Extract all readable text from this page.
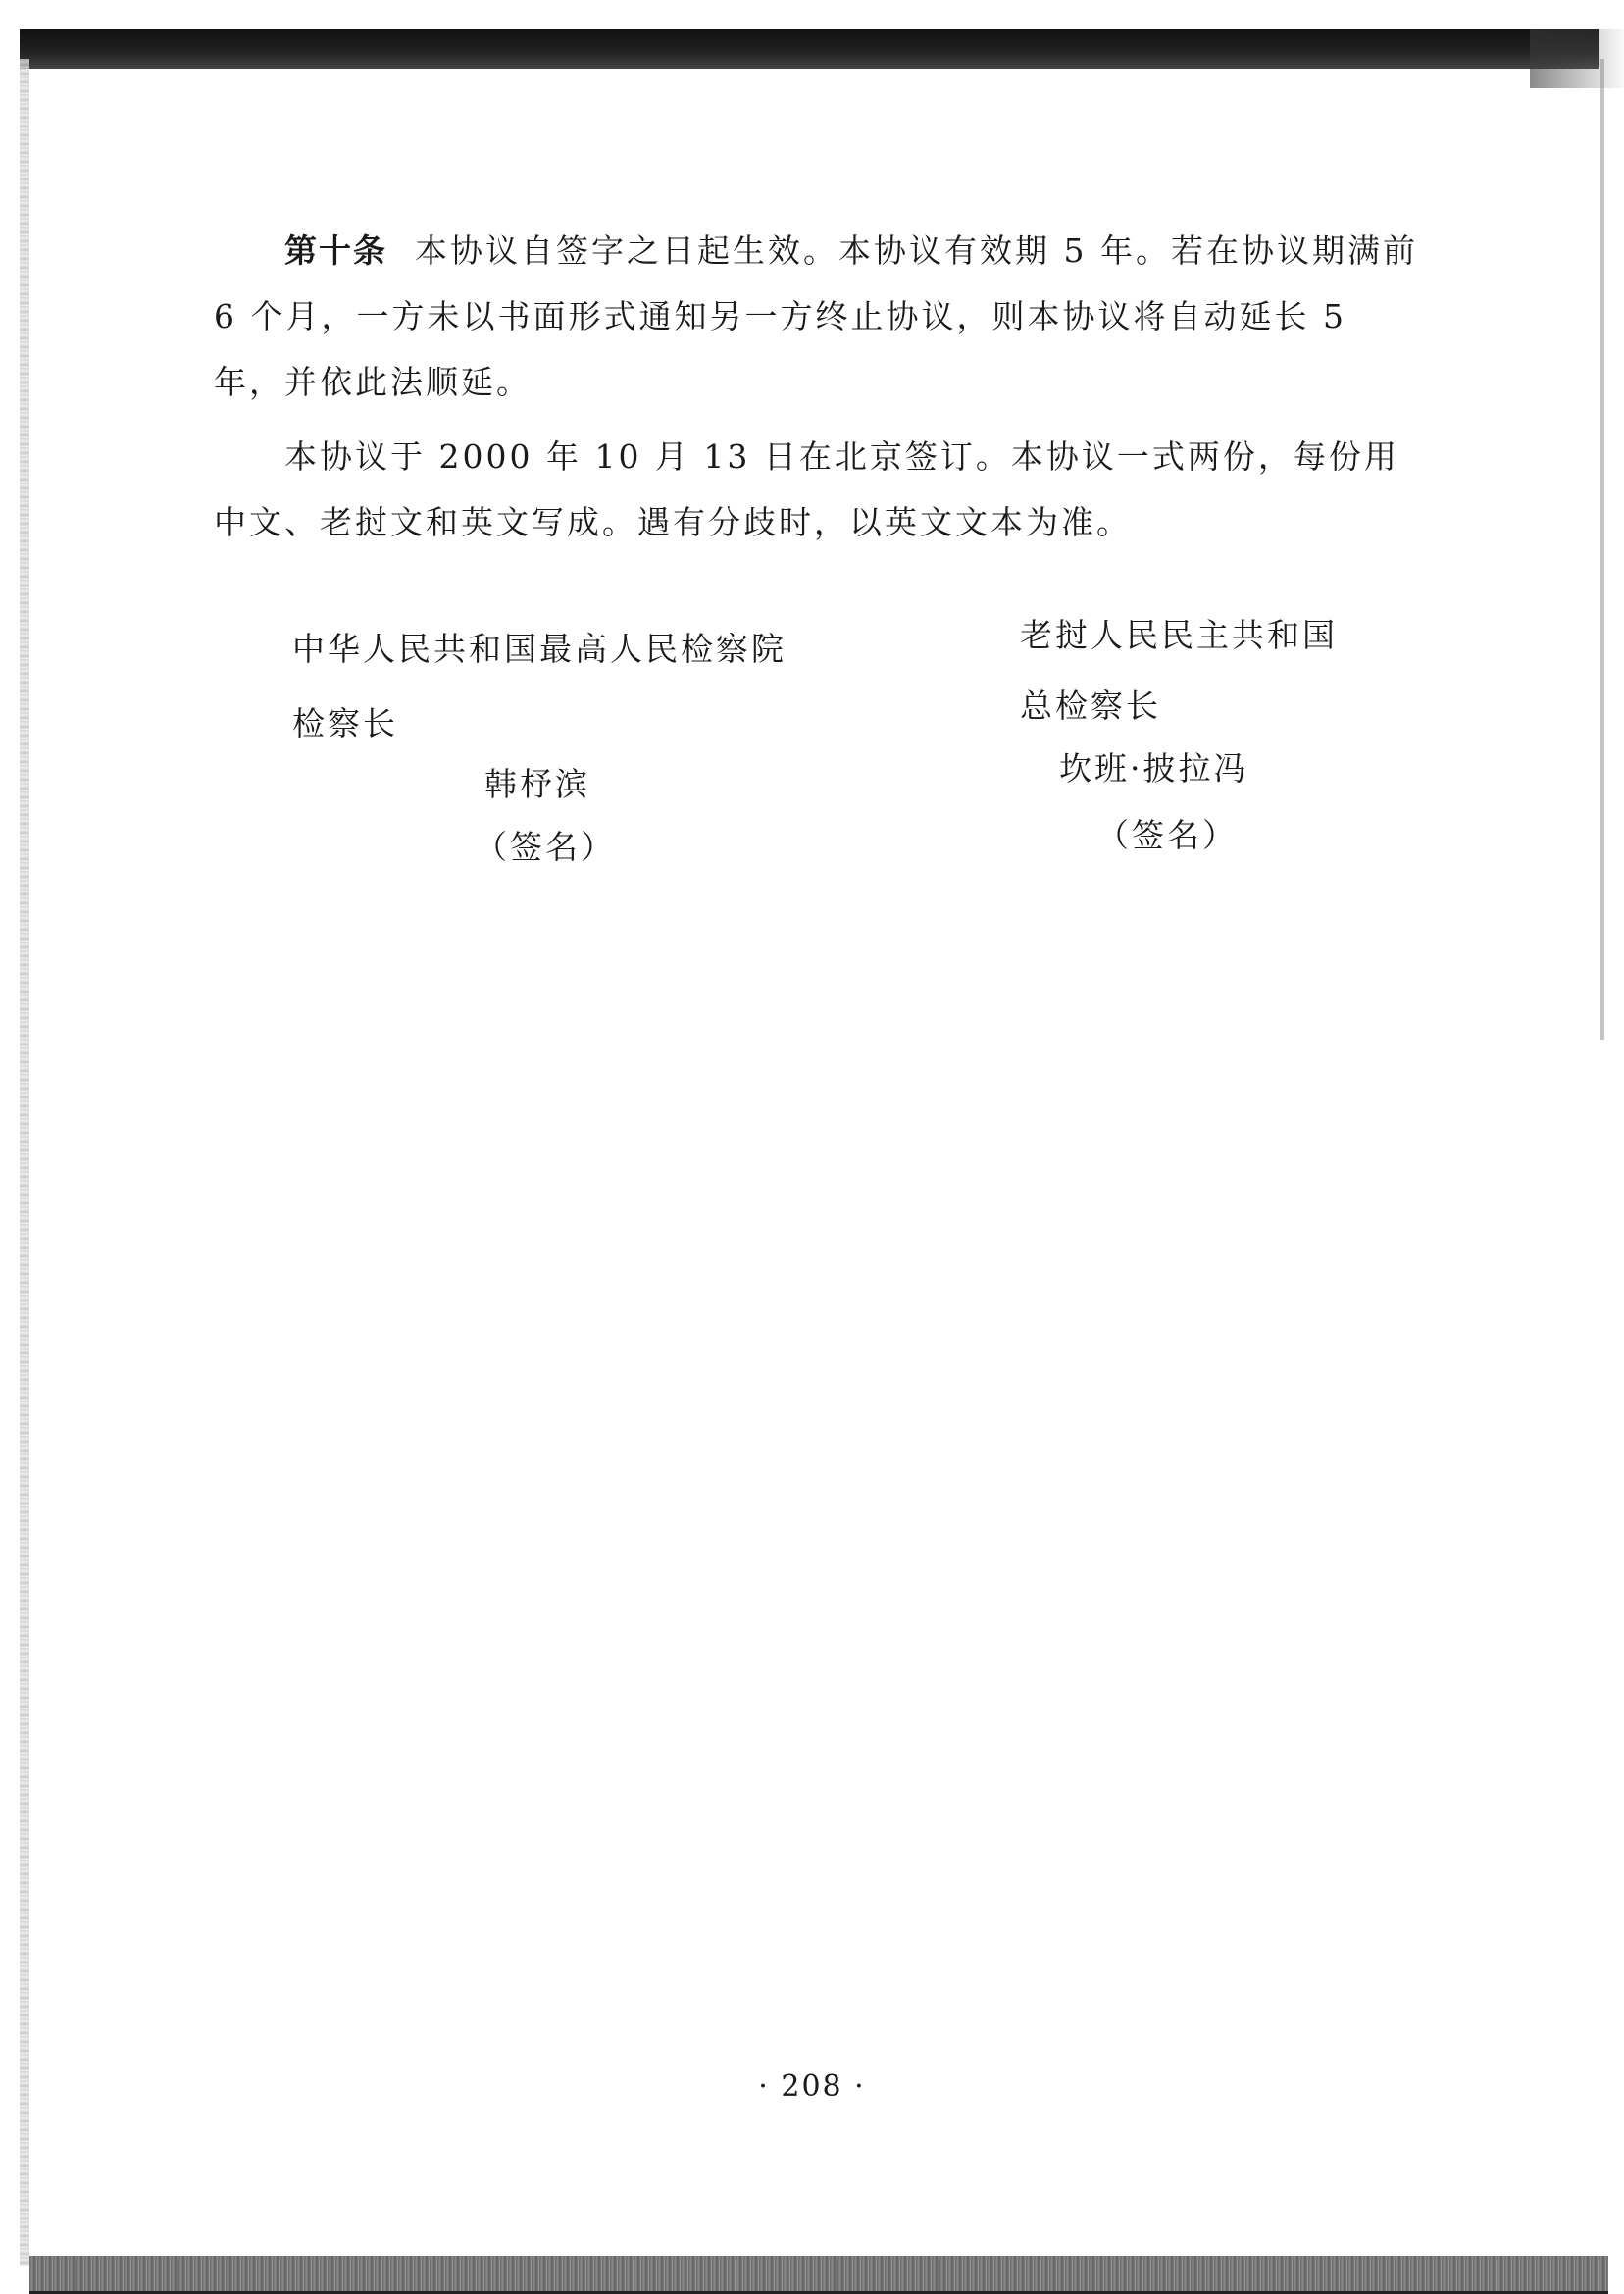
第十条 本协议自签字之日起生效。本协议有效期 5 年。若在协议期满前 6 个月，一方未以书面形式通知另一方终止协议，则本协议将自动延长 5 年，并依此法顺延。

本协议于 2000 年 10 月 13 日在北京签订。本协议一式两份，每份用中文、老挝文和英文写成。遇有分歧时，以英文文本为准。

中华人民共和国最高人民检察院
检察长
韩杼滨
（签名）
老挝人民民主共和国
总检察长
坎班·披拉冯
（签名）
· 208 ·
